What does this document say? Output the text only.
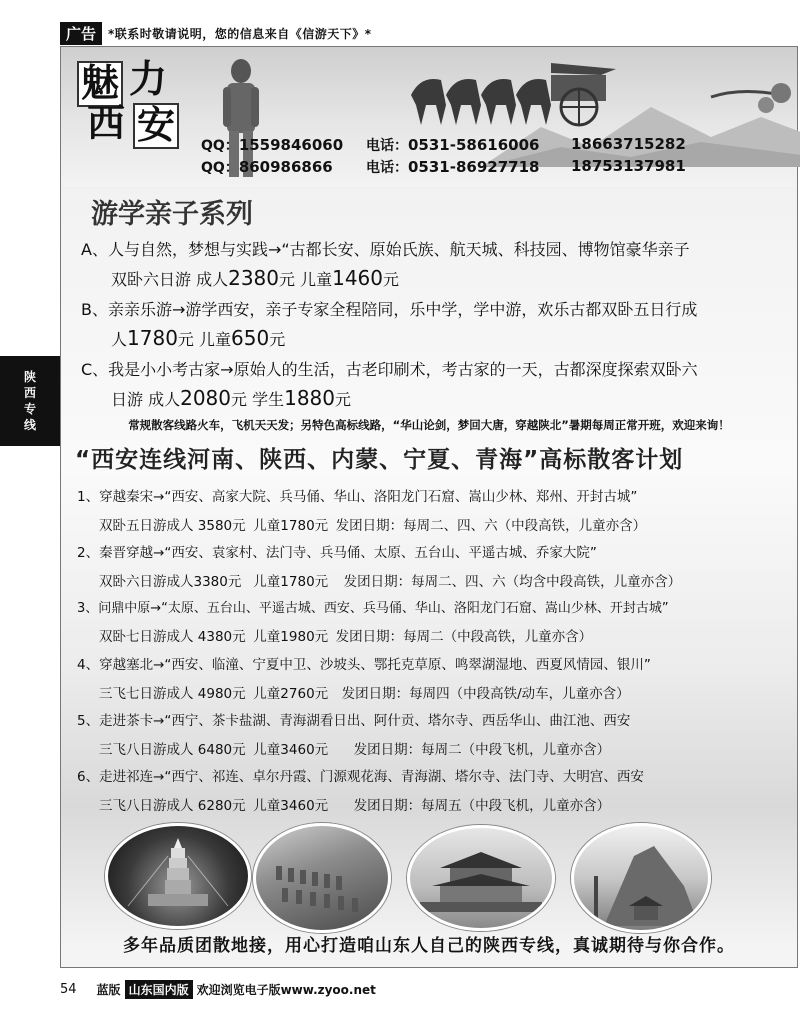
广告	*联系时敬请说明，您的信息来自《信游天下》*
陕
西
专
线
魅 力
西 安 QQ：1559846060
QQ：860986866
电话：0531-58616006
电话：0531-86927718
18663715282
18753137981
游学亲子系列
A、人与自然，梦想与实践→“古都长安、原始氏族、航天城、科技园、博物馆豪华亲子
双卧六日游 成人2380元 儿童1460元
B、亲亲乐游→游学西安，亲子专家全程陪同，乐中学，学中游，欢乐古都双卧五日行成
人1780元 儿童650元
C、我是小小考古家→原始人的生活，古老印刷术，考古家的一天，古都深度探索双卧六
日游 成人2080元 学生1880元
常规散客线路火车，飞机天天发；另特色高标线路，“华山论剑，梦回大唐，穿越陕北”暑期每周正常开班，欢迎来询！
“西安连线河南、陕西、内蒙、宁夏、青海”高标散客计划
1、穿越秦宋→“西安、高家大院、兵马俑、华山、洛阳龙门石窟、嵩山少林、郑州、开封古城”
双卧五日游成人 3580元 儿童1780元 发团日期：每周二、四、六（中段高铁，儿童亦含）
2、秦晋穿越→“西安、袁家村、法门寺、兵马俑、太原、五台山、平遥古城、乔家大院”
双卧六日游成人3380元 儿童1780元 发团日期：每周二、四、六（均含中段高铁，儿童亦含）
3、问鼎中原→“太原、五台山、平遥古城、西安、兵马俑、华山、洛阳龙门石窟、嵩山少林、开封古城”
双卧七日游成人 4380元 儿童1980元 发团日期：每周二（中段高铁，儿童亦含）
4、穿越塞北→“西安、临潼、宁夏中卫、沙坡头、鄂托克草原、鸣翠湖湿地、西夏风情园、银川”
三飞七日游成人 4980元 儿童2760元 发团日期：每周四（中段高铁/动车，儿童亦含）
5、走进茶卡→“西宁、茶卡盐湖、青海湖看日出、阿什贡、塔尔寺、西岳华山、曲江池、西安
三飞八日游成人 6480元 儿童3460元 发团日期：每周二（中段飞机，儿童亦含）
6、走进祁连→“西宁、祁连、卓尔丹霞、门源观花海、青海湖、塔尔寺、法门寺、大明宫、西安
三飞八日游成人 6280元 儿童3460元 发团日期：每周五（中段飞机，儿童亦含）
多年品质团散地接，用心打造咱山东人自己的陕西专线，真诚期待与你合作。
54 蓝版 山东国内版 欢迎浏览电子版www.zyoo.net
